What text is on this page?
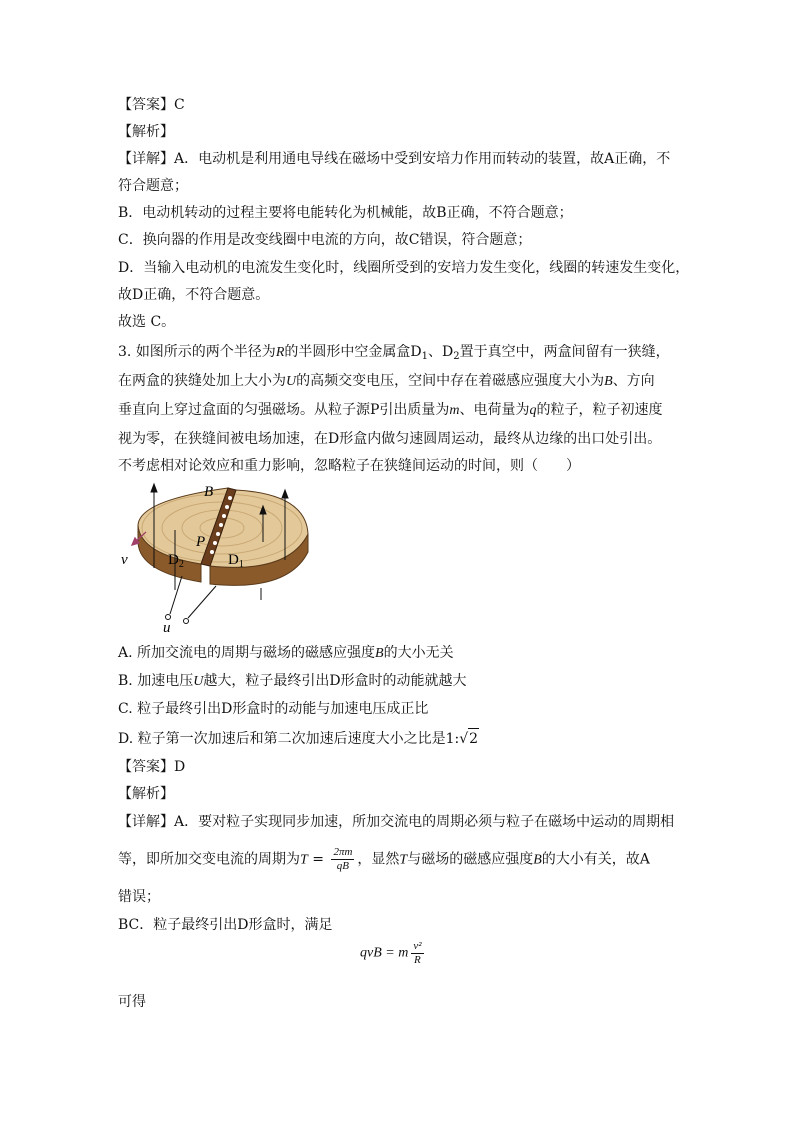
【答案】C
【解析】
【详解】A．电动机是利用通电导线在磁场中受到安培力作用而转动的装置，故A正确，不
符合题意；
B．电动机转动的过程主要将电能转化为机械能，故B正确，不符合题意；
C．换向器的作用是改变线圈中电流的方向，故C错误，符合题意；
D．当输入电动机的电流发生变化时，线圈所受到的安培力发生变化，线圈的转速发生变化，
故D正确，不符合题意。
故选 C。
3. 如图所示的两个半径为R的半圆形中空金属盒$D_1$、$D_2$置于真空中，两盒间留有一狭缝，
在两盒的狭缝处加上大小为U的高频交变电压，空间中存在着磁感应强度大小为B、方向
垂直向上穿过盒面的匀强磁场。从粒子源P引出质量为m、电荷量为q的粒子，粒子初速度
视为零，在狭缝间被电场加速，在D形盒内做匀速圆周运动，最终从边缘的出口处引出。
不考虑相对论效应和重力影响，忽略粒子在狭缝间运动的时间，则（　　）
B
P
v	$D_2$	$D_1$
u
A. 所加交流电的周期与磁场的磁感应强度B的大小无关
B. 加速电压U越大，粒子最终引出D形盒时的动能就越大
C. 粒子最终引出D形盒时的动能与加速电压成正比
D. 粒子第一次加速后和第二次加速后速度大小之比是1:√2
【答案】D
【解析】
【详解】A．要对粒子实现同步加速，所加交流电的周期必须与粒子在磁场中运动的周期相
等，即所加交变电流的周期为$T = \frac{2\pi m}{qB}$ ，显然T与磁场的磁感应强度B的大小有关，故A
错误；
BC．粒子最终引出D形盒时，满足
qvB = m $\frac{\text{v²}}{R}$
可得
